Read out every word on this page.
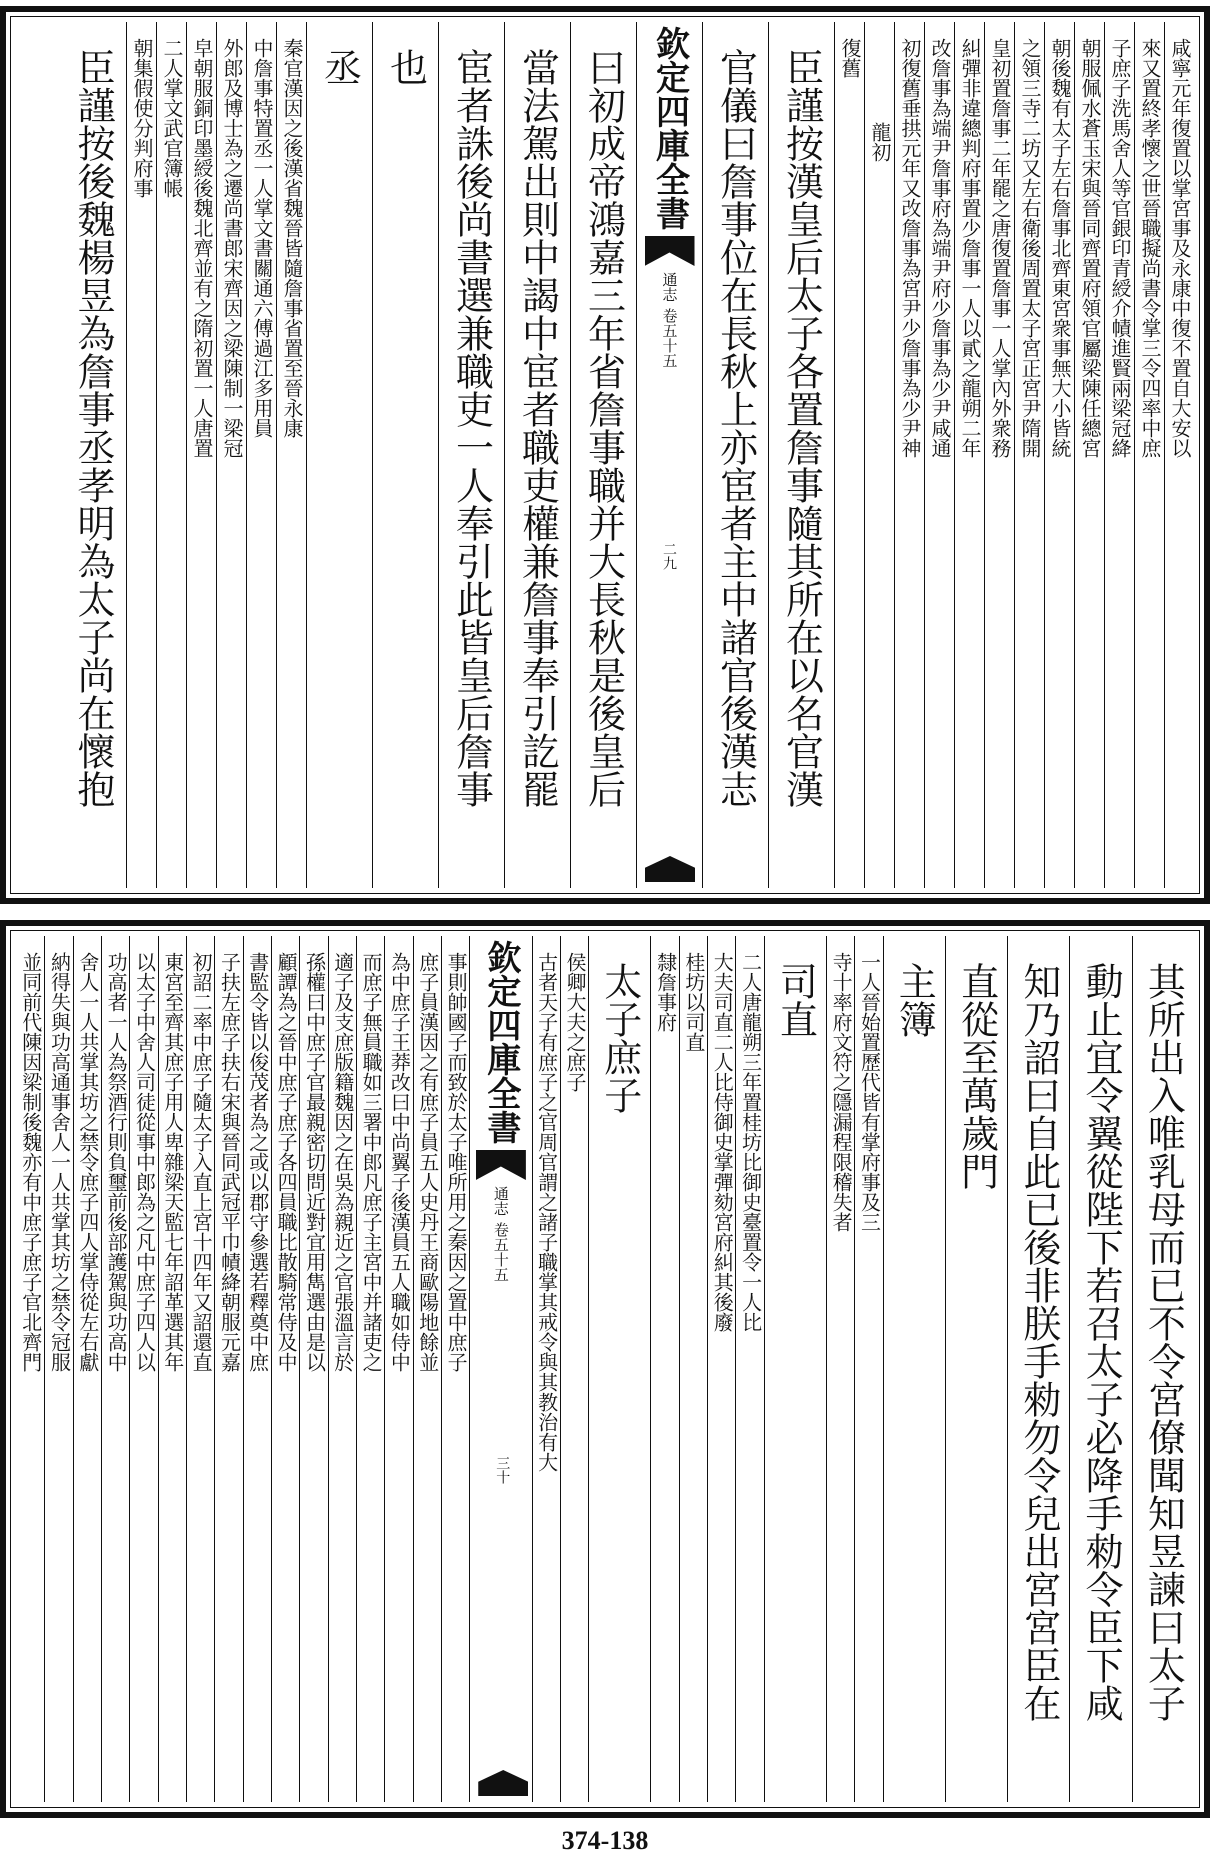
咸寧元年復置以掌宮事及永康中復不置自大安以
來又置終孝懷之世晉職擬尚書令掌三令四率中庶
子庶子洗馬舍人等官銀印青綬介幘進賢兩梁冠絳
朝服佩水蒼玉宋與晉同齊置府領官屬梁陳任總宮
朝後魏有太子左右詹事北齊東宮衆事無大小皆統
之領三寺二坊又左右衛後周置太子宮正宮尹隋開
皇初置詹事二年罷之唐復置詹事一人掌內外衆務
糾彈非違總判府事置少詹事一人以貳之龍朔二年
改詹事為端尹詹事府為端尹府少詹事為少尹咸通
初復舊垂拱元年又改詹事為宮尹少詹事為少尹神
龍初
復舊
臣謹按漢皇后太子各置詹事隨其所在以名官漢
官儀曰詹事位在長秋上亦宦者主中諸官後漢志
欽定四庫全書
通志
卷五十五
二九
曰初成帝鴻嘉三年省詹事職并大長秋是後皇后
當法駕出則中謁中宦者職吏權兼詹事奉引訖罷
宦者誅後尚書選兼職吏一人奉引此皆皇后詹事
也
丞
秦官漢因之後漢省魏晉皆隨詹事省置至晉永康
中詹事特置丞一人掌文書關通六傅過江多用員
外郎及博士為之遷尚書郎宋齊因之梁陳制一梁冠
皁朝服銅印墨綬後魏北齊並有之隋初置一人唐置
二人掌文武官簿帳
朝集假使分判府事
臣謹按後魏楊昱為詹事丞孝明為太子尚在懷抱
其所出入唯乳母而已不令宮僚聞知昱諫曰太子
動止宜令翼從陛下若召太子必降手勑令臣下咸
知乃詔曰自此已後非朕手勑勿令兒出宮宮臣在
直從至萬歲門
主簿
一人晉始置歷代皆有掌府事及三
寺十率府文符之隱漏程限稽失者
司直
二人唐龍朔三年置桂坊比御史臺置令一人比
大夫司直二人比侍御史掌彈劾宮府糾其後廢
桂坊以司直
隸詹事府
太子庶子
侯卿大夫之庶子
古者天子有庶子之官周官謂之諸子職掌其戒令與其教治有大
欽定四庫全書
通志
卷五十五
三十
事則帥國子而致於太子唯所用之秦因之置中庶子
庶子員漢因之有庶子員五人史丹王商歐陽地餘並
為中庶子王莽改曰中尚翼子後漢員五人職如侍中
而庶子無員職如三署中郎凡庶子主宮中并諸吏之
適子及支庶版籍魏因之在吳為親近之官張溫言於
孫權曰中庶子官最親密切問近對宜用雋選由是以
顧譚為之晉中庶子庶子各四員職比散騎常侍及中
書監令皆以俊茂者為之或以郡守參選若釋奠中庶
子扶左庶子扶右宋與晉同武冠平巾幘絳朝服元嘉
初詔二率中庶子隨太子入直上宮十四年又詔還直
東宮至齊其庶子用人卑雜梁天監七年詔革選其年
以太子中舍人司徒從事中郎為之凡中庶子四人以
功高者一人為祭酒行則負璽前後部護駕與功高中
舍人一人共掌其坊之禁令庶子四人掌侍從左右獻
納得失與功高通事舍人一人共掌其坊之禁令冠服
並同前代陳因梁制後魏亦有中庶子庶子官北齊門
374-138
